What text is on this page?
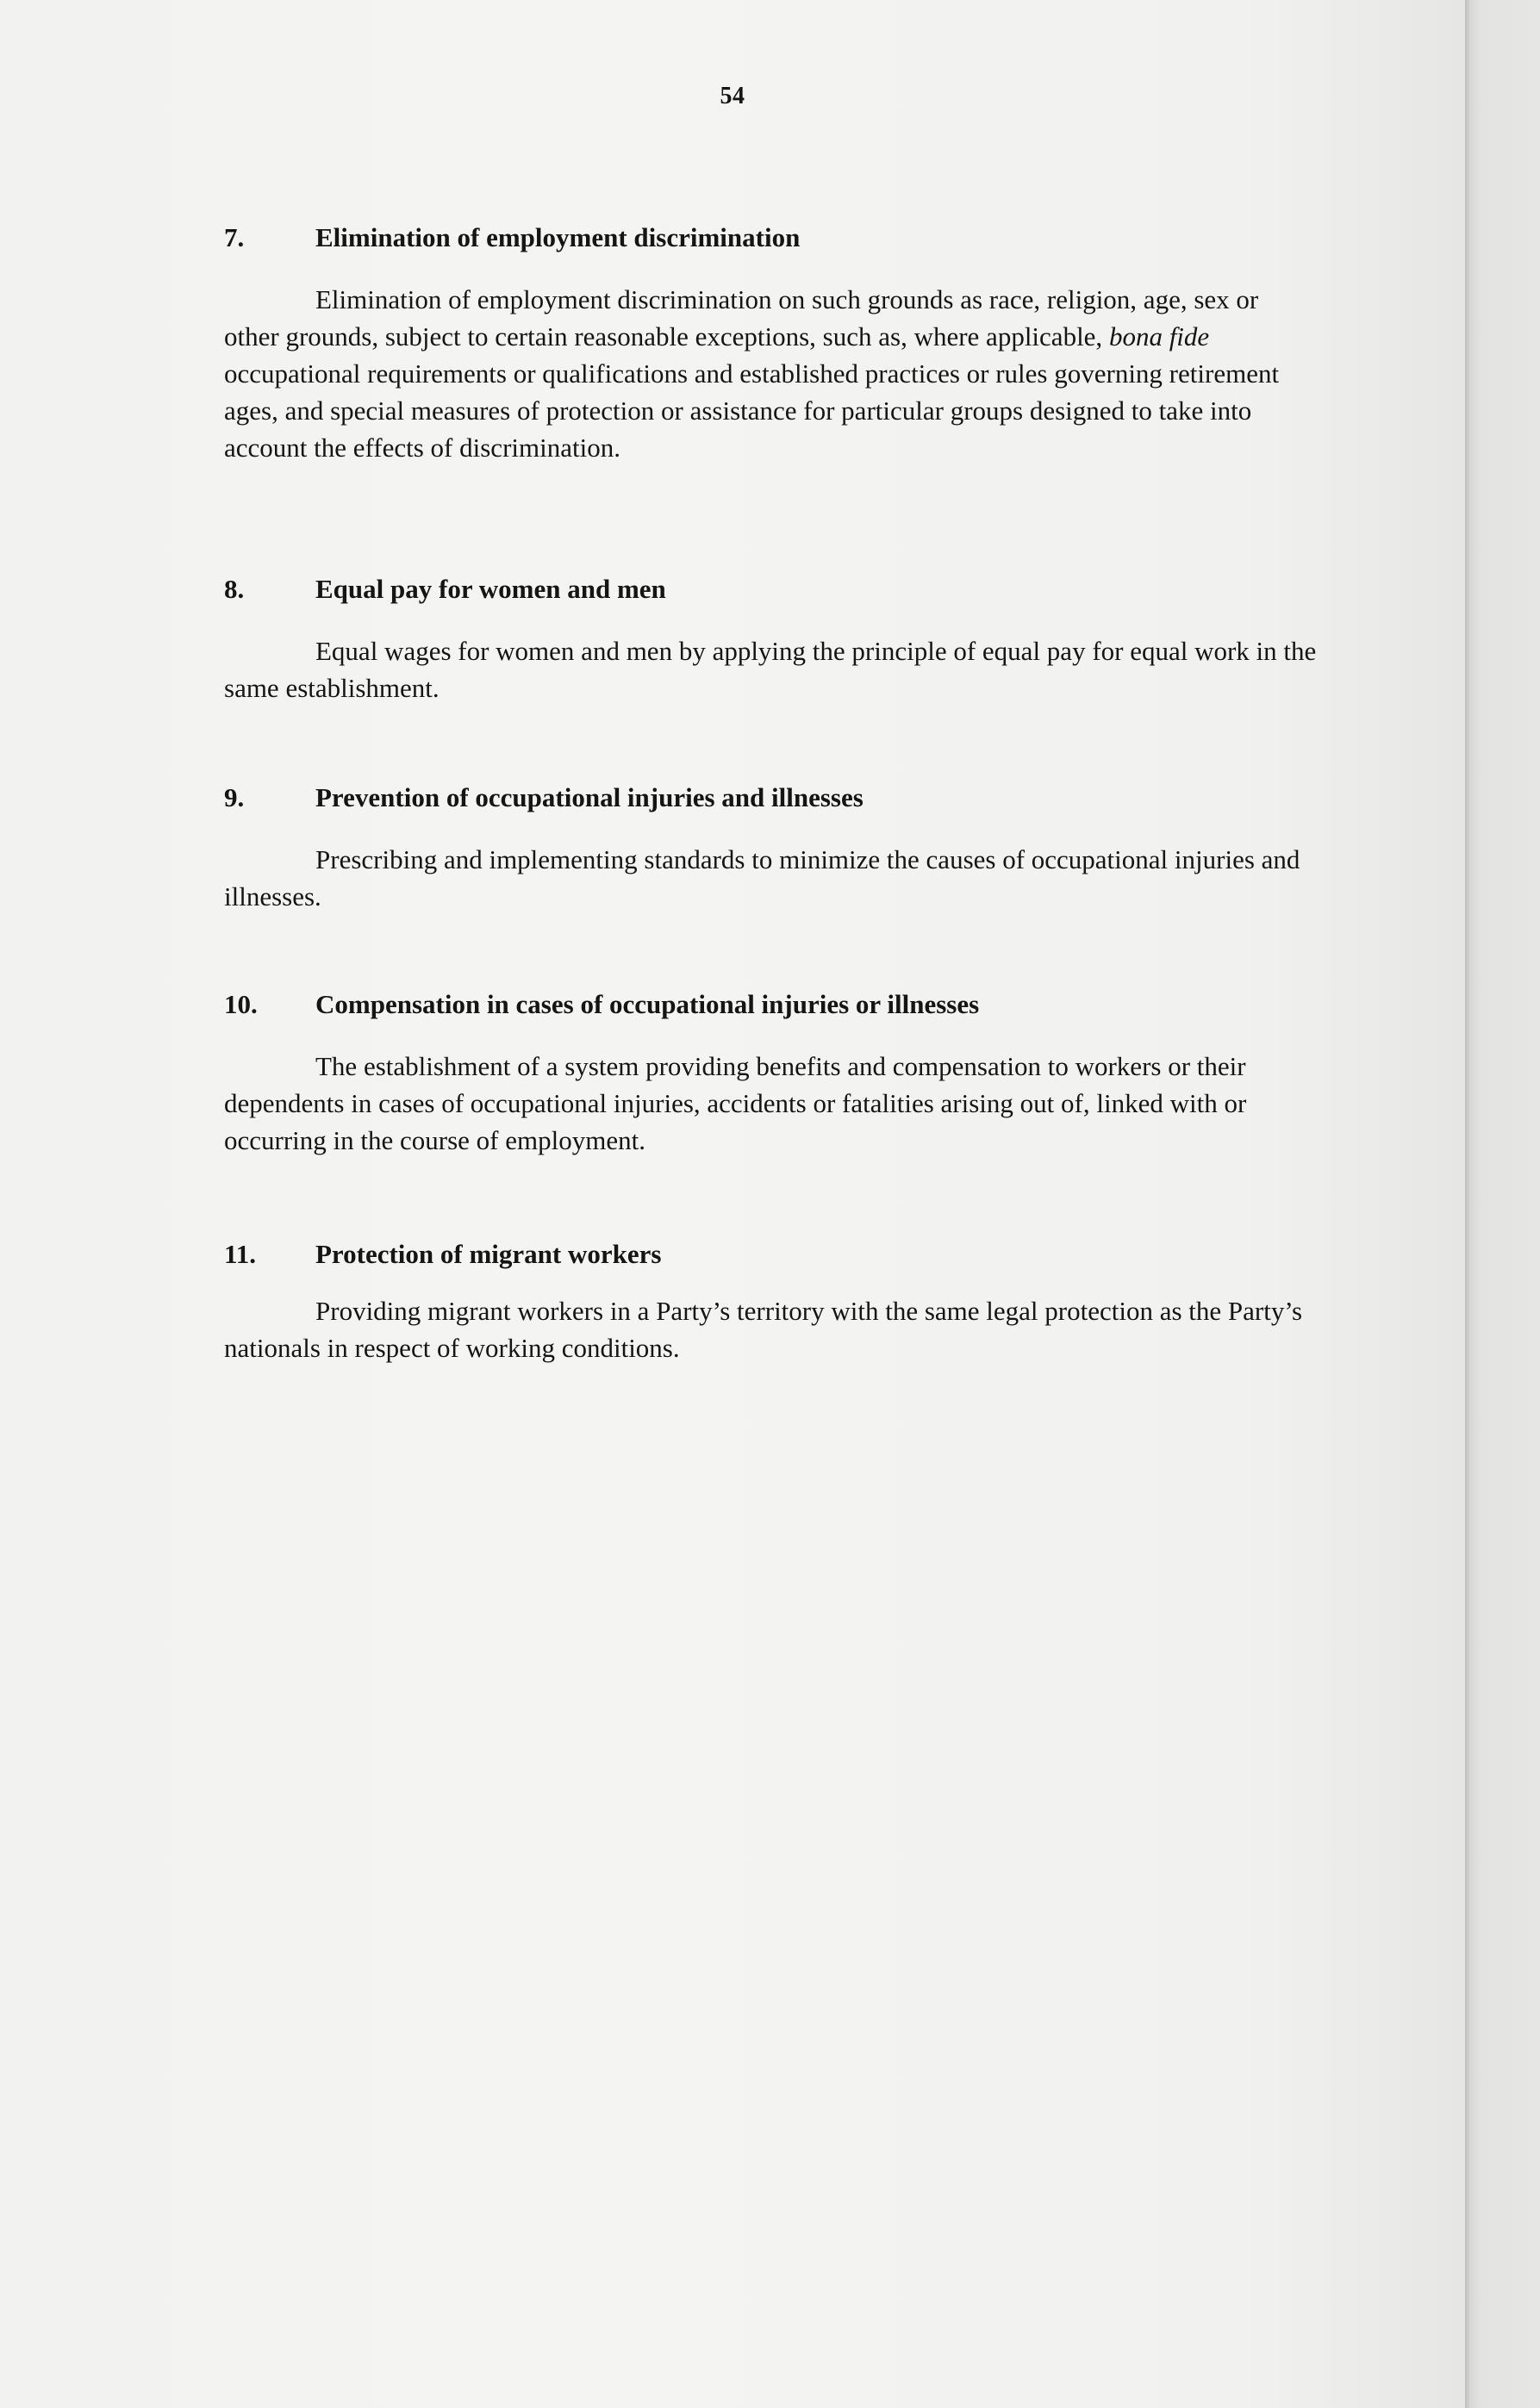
54
7.	Elimination of employment discrimination

Elimination of employment discrimination on such grounds as race, religion, age, sex or other grounds, subject to certain reasonable exceptions, such as, where applicable, bona fide occupational requirements or qualifications and established practices or rules governing retirement ages, and special measures of protection or assistance for particular groups designed to take into account the effects of discrimination.

8.	Equal pay for women and men

Equal wages for women and men by applying the principle of equal pay for equal work in the same establishment.

9.	Prevention of occupational injuries and illnesses

Prescribing and implementing standards to minimize the causes of occupational injuries and illnesses.

10.	Compensation in cases of occupational injuries or illnesses

The establishment of a system providing benefits and compensation to workers or their dependents in cases of occupational injuries, accidents or fatalities arising out of, linked with or occurring in the course of employment.

11.	Protection of migrant workers

Providing migrant workers in a Party’s territory with the same legal protection as the Party’s nationals in respect of working conditions.
